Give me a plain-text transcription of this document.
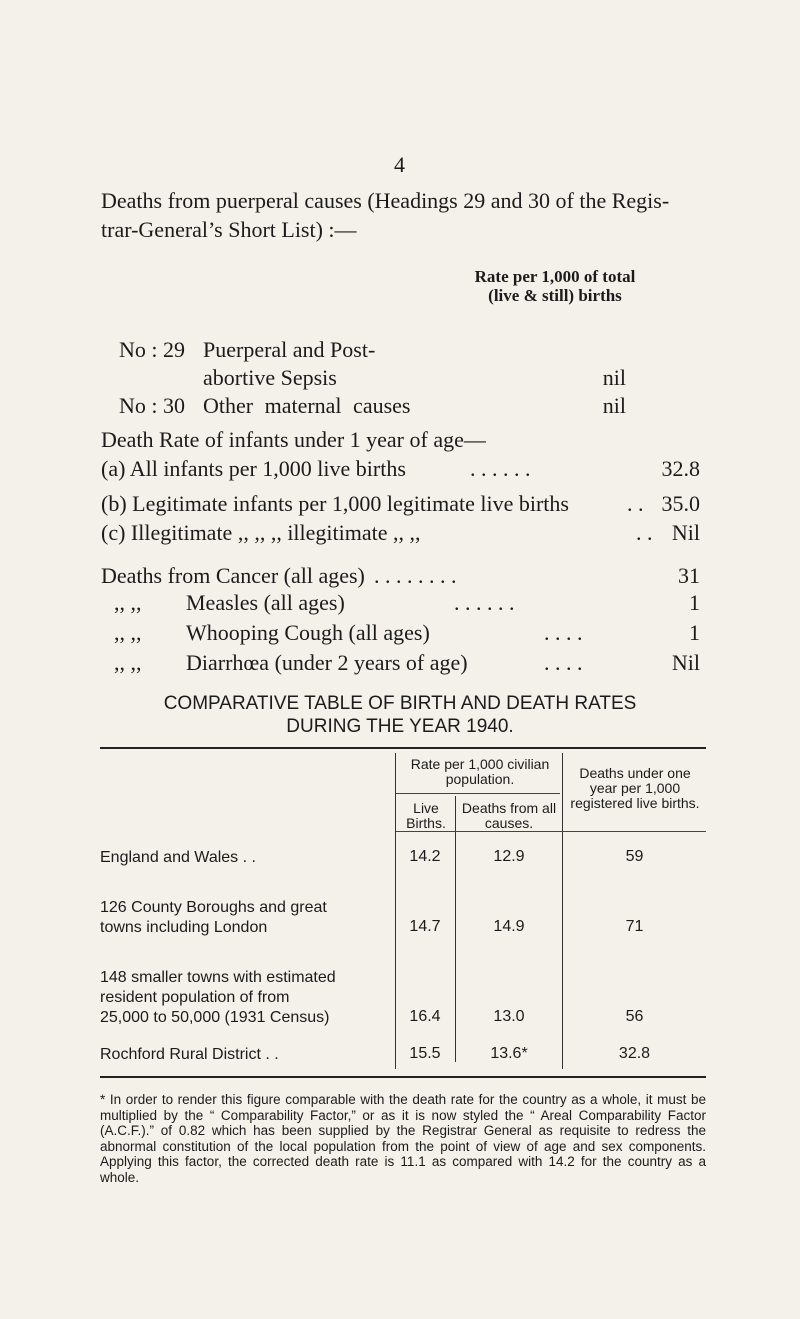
4
Deaths from puerperal causes (Headings 29 and 30 of the Regis-
trar-General’s Short List) :—
Rate per 1,000 of total (live & still) births
No : 29 Puerperal and Post-
abortive Sepsis	nil
No : 30 Other maternal causes	nil
Death Rate of infants under 1 year of age—
(a) All infants per 1,000 live births	. . . . . .	32.8
(b) Legitimate infants per 1,000 legitimate live births	. . 35.0
(c) Illegitimate ,, ,, ,, illegitimate ,, ,,	. . Nil
Deaths from Cancer (all ages) . . . . . . . .	31
,, ,, Measles (all ages)	. . . . . .	1
,, ,, Whooping Cough (all ages)	. . . .	1
,, ,, Diarrhœa (under 2 years of age)	. . . .	Nil
COMPARATIVE TABLE OF BIRTH AND DEATH RATES
DURING THE YEAR 1940.
Rate per 1,000 civilian population.
Live Births.
Deaths from all causes.
Deaths under one year per 1,000 registered live births.
England and Wales . .	14.2	12.9	59
126 County Boroughs and great
towns including London	14.7	14.9	71
148 smaller towns with estimated
resident population of from
25,000 to 50,000 (1931 Census)	16.4	13.0	56
Rochford Rural District . .	15.5	13.6*	32.8
* In order to render this figure comparable with the death rate for the country as a whole, it must be multiplied by the “ Comparability Factor,” or as it is now styled the “ Areal Comparability Factor (A.C.F.).” of 0.82 which has been supplied by the Registrar General as requisite to redress the abnormal constitution of the local population from the point of view of age and sex components. Applying this factor, the corrected death rate is 11.1 as compared with 14.2 for the country as a whole.
